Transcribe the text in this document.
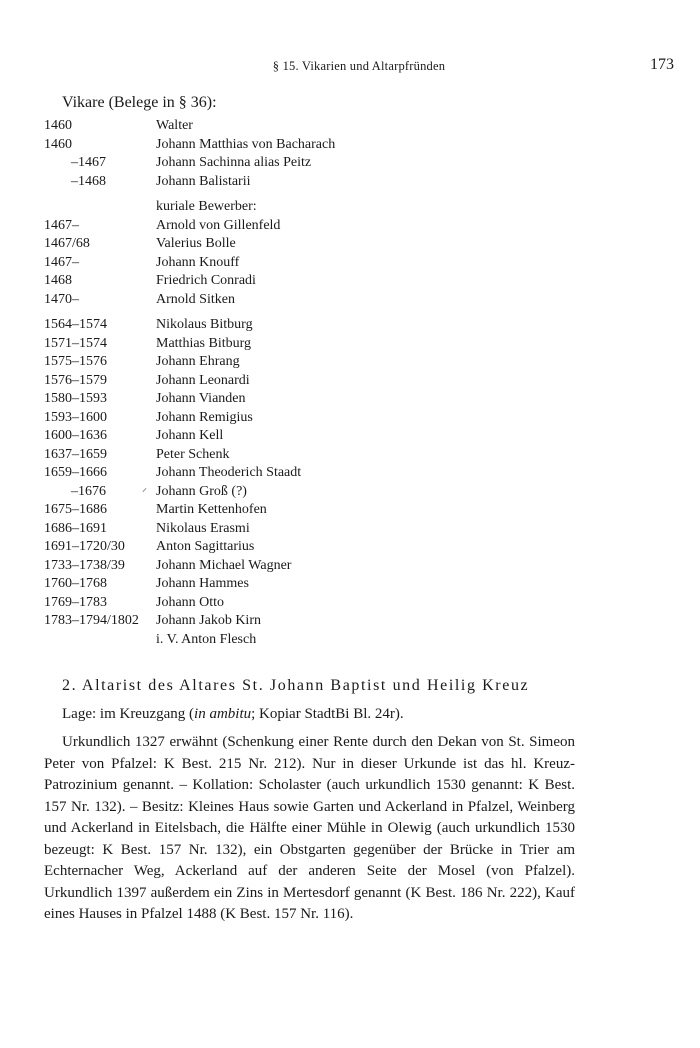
§ 15. Vikarien und Altarpfründen	173
Vikare (Belege in § 36):
1460	Walter
1460	Johann Matthias von Bacharach
–1467	Johann Sachinna alias Peitz
–1468	Johann Balistarii
kuriale Bewerber:
1467–	Arnold von Gillenfeld
1467/68	Valerius Bolle
1467–	Johann Knouff
1468	Friedrich Conradi
1470–	Arnold Sitken
1564–1574	Nikolaus Bitburg
1571–1574	Matthias Bitburg
1575–1576	Johann Ehrang
1576–1579	Johann Leonardi
1580–1593	Johann Vianden
1593–1600	Johann Remigius
1600–1636	Johann Kell
1637–1659	Peter Schenk
1659–1666	Johann Theoderich Staadt
–1676	⸝ Johann Groß (?)
1675–1686	Martin Kettenhofen
1686–1691	Nikolaus Erasmi
1691–1720/30 Anton Sagittarius
1733–1738/39 Johann Michael Wagner
1760–1768	Johann Hammes
1769–1783	Johann Otto
1783–1794/1802 Johann Jakob Kirn
i. V. Anton Flesch
2. Altarist des Altares St. Johann Baptist und Heilig Kreuz
Lage: im Kreuzgang (in ambitu; Kopiar StadtBi Bl. 24r).
Urkundlich 1327 erwähnt (Schenkung einer Rente durch den Dekan von St. Simeon Peter von Pfalzel: K Best. 215 Nr. 212). Nur in dieser Urkunde ist das hl. Kreuz-Patrozinium genannt. – Kollation: Scholaster (auch urkundlich 1530 genannt: K Best. 157 Nr. 132). – Besitz: Kleines Haus sowie Garten und Ackerland in Pfalzel, Weinberg und Ackerland in Eitelsbach, die Hälfte einer Mühle in Olewig (auch urkundlich 1530 bezeugt: K Best. 157 Nr. 132), ein Obstgarten gegenüber der Brücke in Trier am Echternacher Weg, Ackerland auf der anderen Seite der Mosel (von Pfalzel). Urkundlich 1397 außerdem ein Zins in Mertesdorf genannt (K Best. 186 Nr. 222), Kauf eines Hauses in Pfalzel 1488 (K Best. 157 Nr. 116).
